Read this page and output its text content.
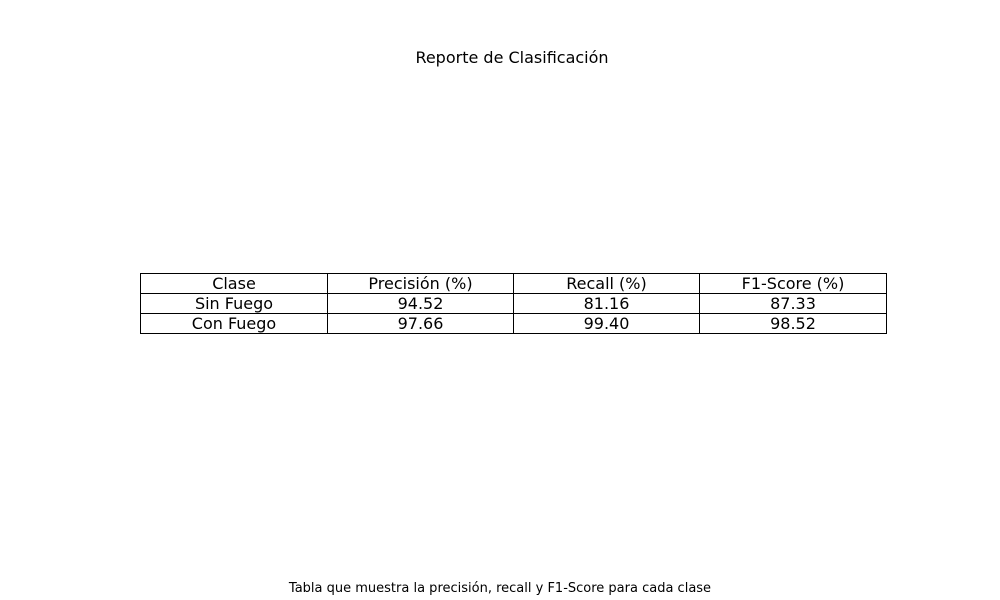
Reporte de Clasificación
Clase	Precisión (%)	Recall (%)	F1-Score (%)
Sin Fuego	94.52	81.16	87.33
Con Fuego	97.66	99.40	98.52
Tabla que muestra la precisión, recall y F1-Score para cada clase
